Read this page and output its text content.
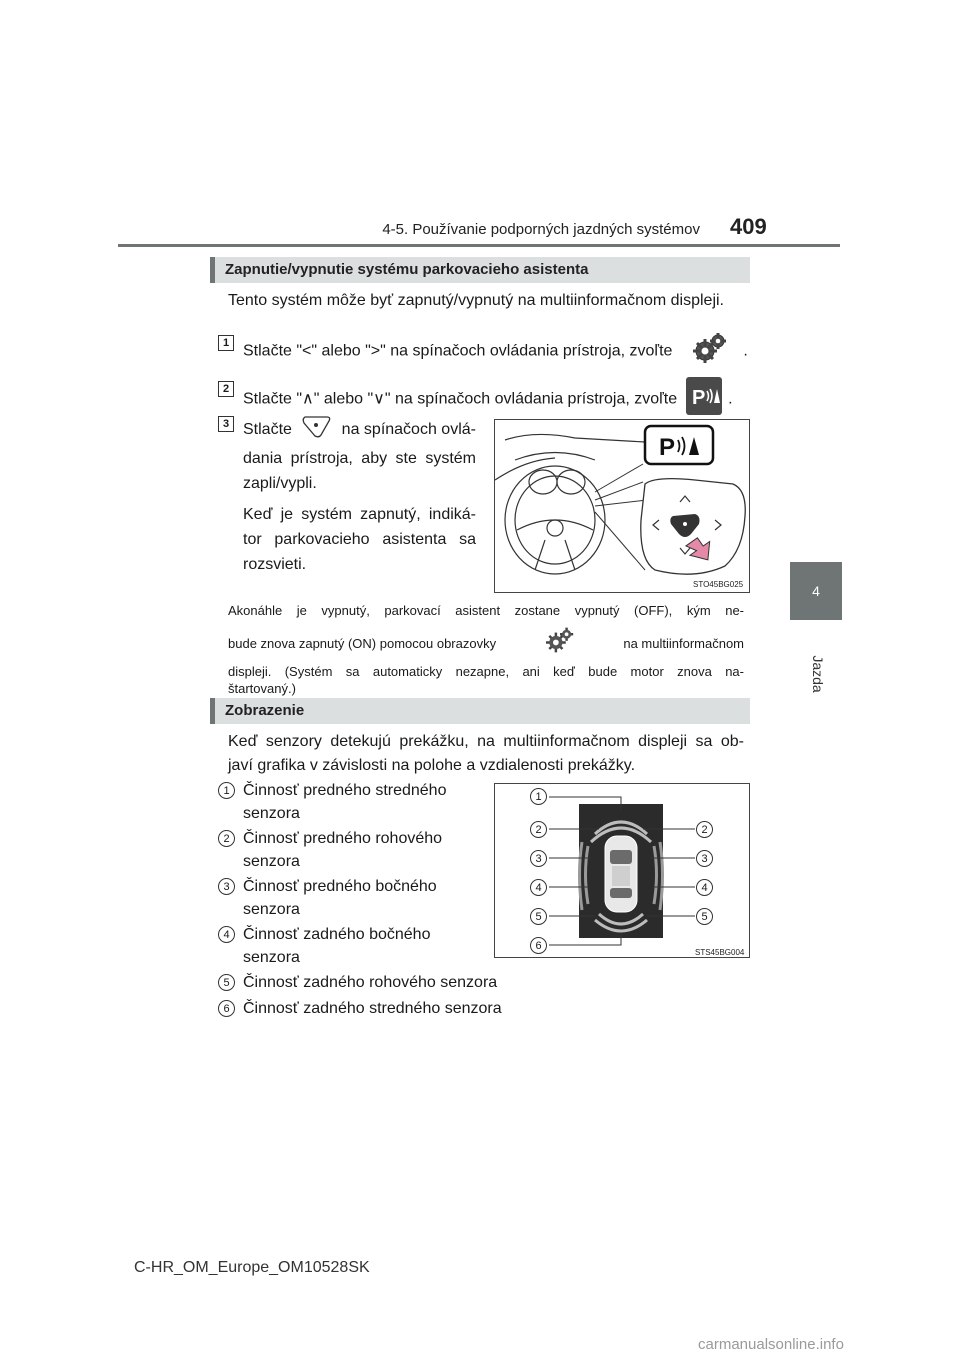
4-5. Používanie podporných jazdných systémov 409
4
Jazda
Zapnutie/vypnutie systému parkovacieho asistenta
Tento systém môže byť zapnutý/vypnutý na multiinformačnom displeji.
1 Stlačte "<" alebo ">" na spínačoch ovládania prístroja, zvoľte	.
2
Stlačte "∧" alebo "∨" na spínačoch ovládania prístroja, zvoľte P .
3 Stlačte	na spínačoch ovlá-
dania prístroja, aby ste systém
zapli/vypli.
Keď je systém zapnutý, indiká-
tor parkovacieho asistenta sa
rozsvieti.
P
STO45BG025
Akonáhle je vypnutý, parkovací asistent zostane vypnutý (OFF), kým ne-
bude znova zapnutý (ON) pomocou obrazovky	na multiinformačnom
displeji. (Systém sa automaticky nezapne, ani keď bude motor znova na-
štartovaný.)
Zobrazenie
Keď senzory detekujú prekážku, na multiinformačnom displeji sa ob-
javí grafika v závislosti na polohe a vzdialenosti prekážky.
1 Činnosť predného stredného
senzora
2 Činnosť predného rohového
senzora
3 Činnosť predného bočného
senzora
4 Činnosť zadného bočného
senzora
5 Činnosť zadného rohového senzora
6 Činnosť zadného stredného senzora
1
2	2
3	3
4	4
5	5
6
STS45BG004
C-HR_OM_Europe_OM10528SK
carmanualsonline.info
